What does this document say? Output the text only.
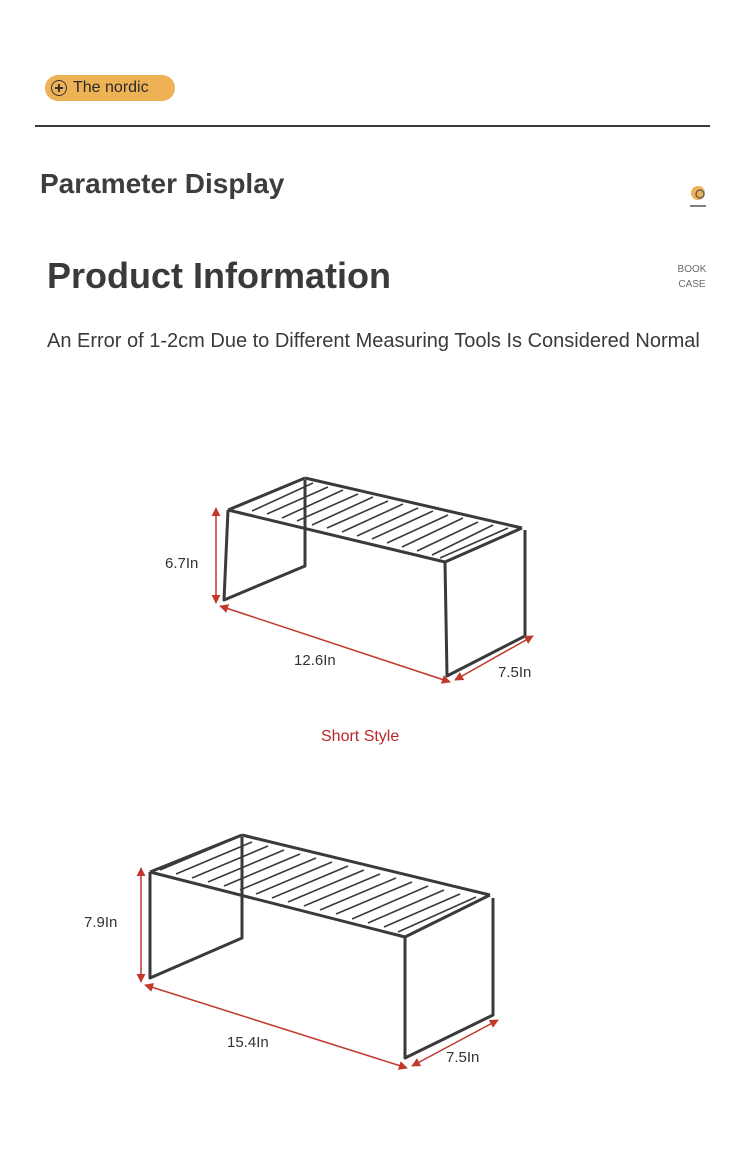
The nordic
Parameter Display
Product Information	BOOK
CASE
An Error of 1-2cm Due to Different Measuring Tools Is Considered Normal
6.7In
12.6In
7.5In
Short Style
7.9In
15.4In
7.5In
